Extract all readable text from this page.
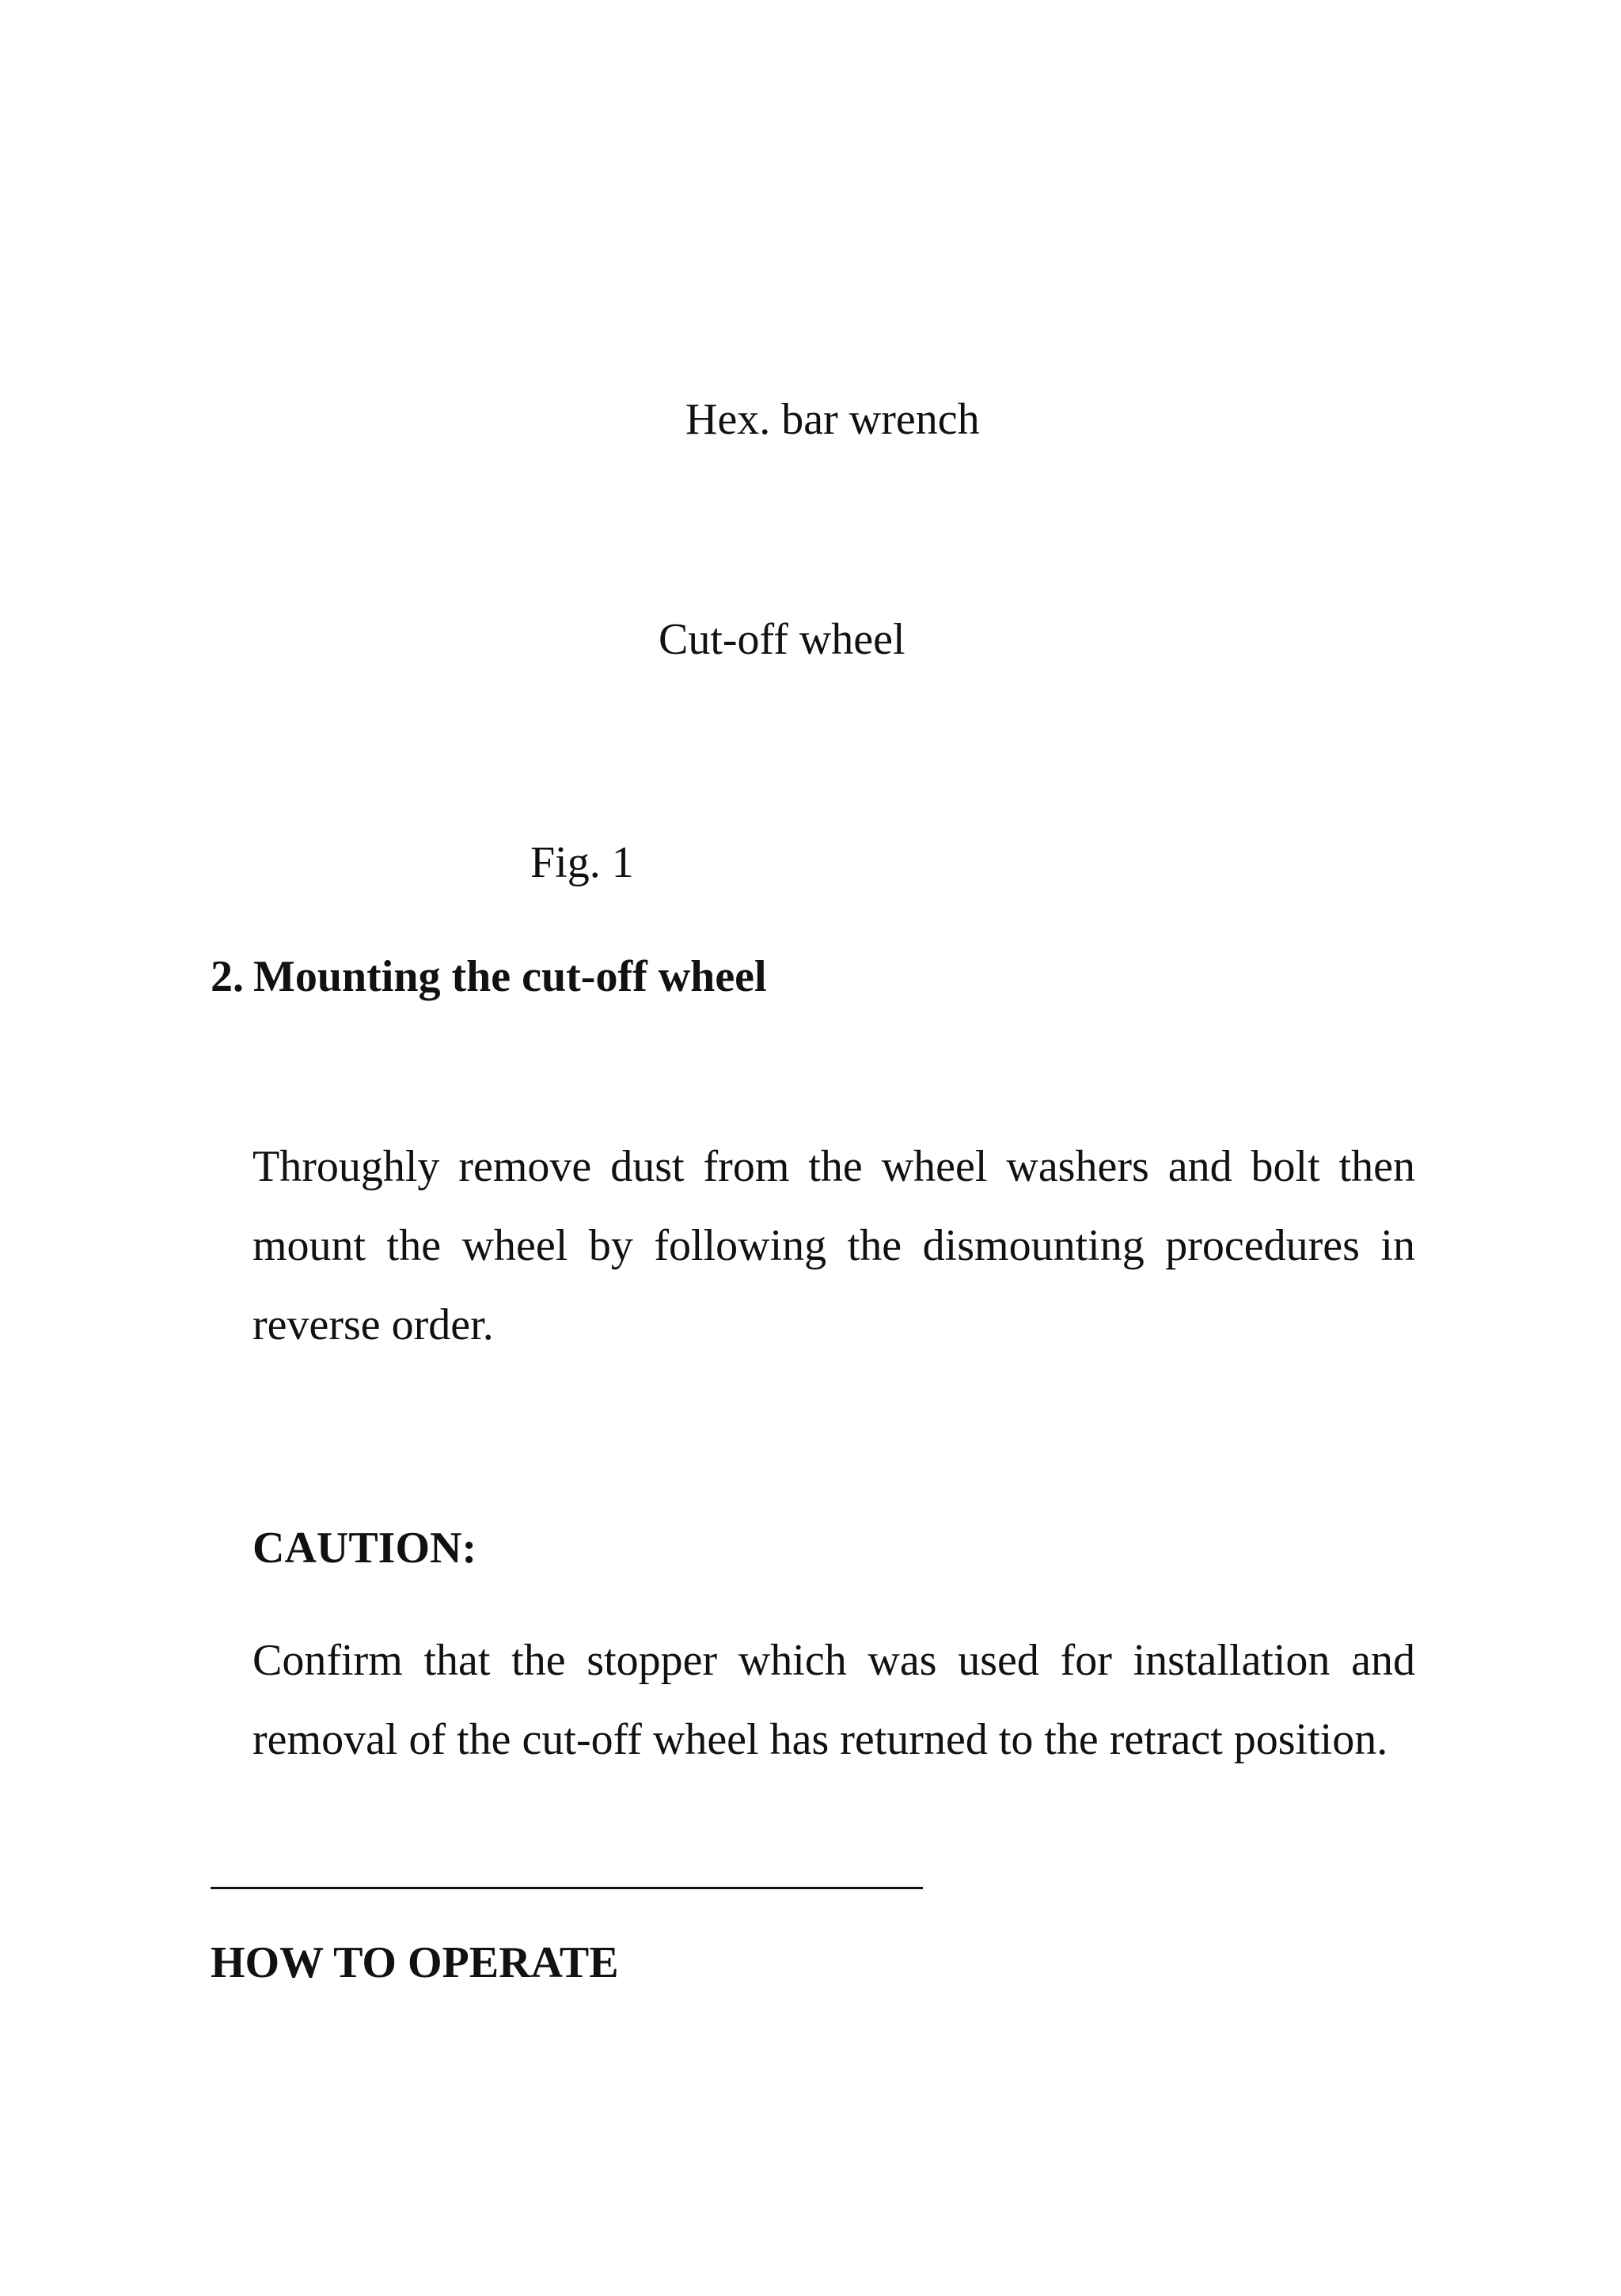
Hex. bar wrench
Cut-off wheel
Fig. 1
2. Mounting the cut-off wheel
Throughly remove dust from the wheel washers and bolt then mount the wheel by following the dismounting procedures in reverse order.
CAUTION:
Confirm that the stopper which was used for installation and removal of the cut-off wheel has returned to the retract position.
HOW TO OPERATE
